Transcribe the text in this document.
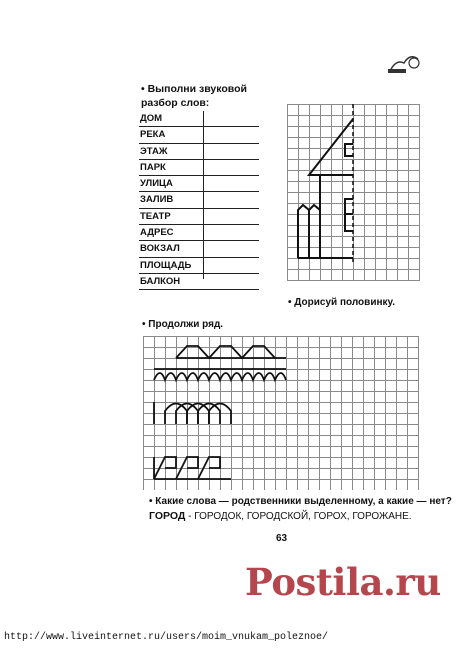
• Выполни звуковой
разбор слов:
ДОМ
РЕКА
ЭТАЖ
ПАРК
УЛИЦА
ЗАЛИВ
ТЕАТР
АДРЕС
ВОКЗАЛ
ПЛОЩАДЬ
БАЛКОН
• Дорисуй половинку.
• Продолжи ряд.
• Какие слова — родственники выделенному, а какие — нет?
ГОРОД - ГОРОДОК, ГОРОДСКОЙ, ГОРОХ, ГОРОЖАНЕ.
63
Postila.ru
http://www.liveinternet.ru/users/moim_vnukam_poleznoe/
